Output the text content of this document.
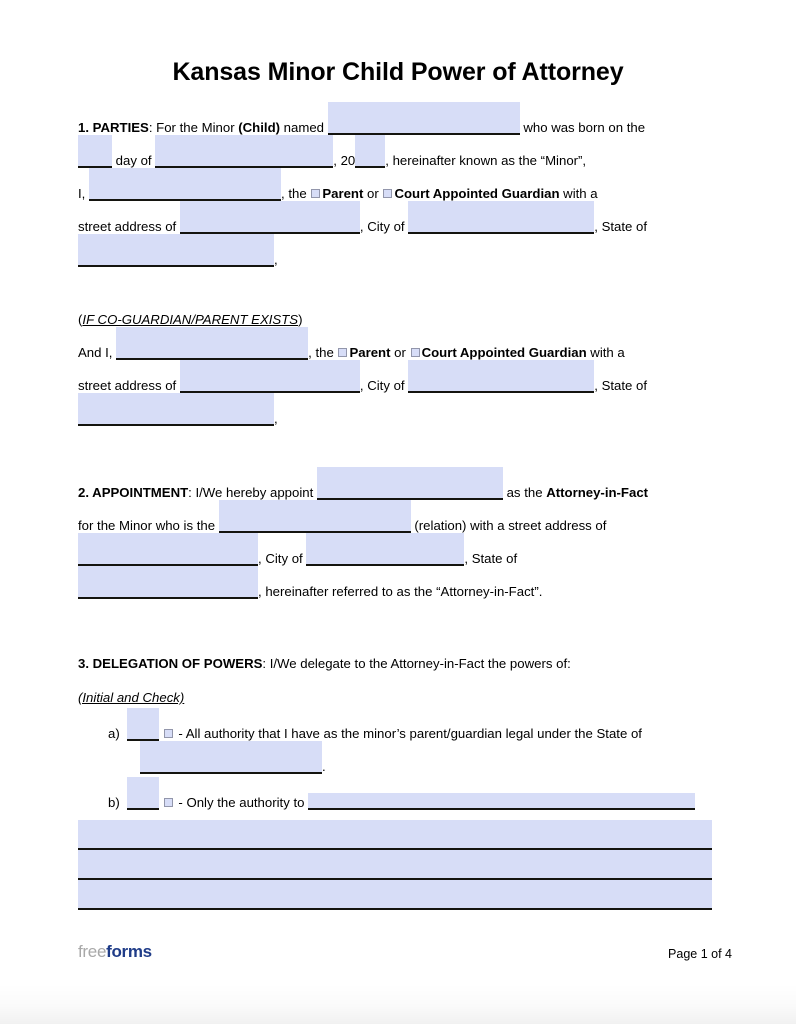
Kansas Minor Child Power of Attorney
1. PARTIES: For the Minor (Child) named	who was born on the
day of	, 20 , hereinafter known as the “Minor”,
I,	, the Parent or Court Appointed Guardian with a
street address of	, City of	, State of
,
(IF CO-GUARDIAN/PARENT EXISTS)
And I,	, the Parent or Court Appointed Guardian with a
street address of	, City of	, State of
,
2. APPOINTMENT: I/We hereby appoint	as the Attorney-in-Fact
for the Minor who is the	(relation) with a street address of
, City of	, State of
, hereinafter referred to as the “Attorney-in-Fact”.
3. DELEGATION OF POWERS: I/We delegate to the Attorney-in-Fact the powers of:
(Initial and Check)
a)	- All authority that I have as the minor’s parent/guardian legal under the State of
.
b)	- Only the authority to
freeforms	Page 1 of 4
